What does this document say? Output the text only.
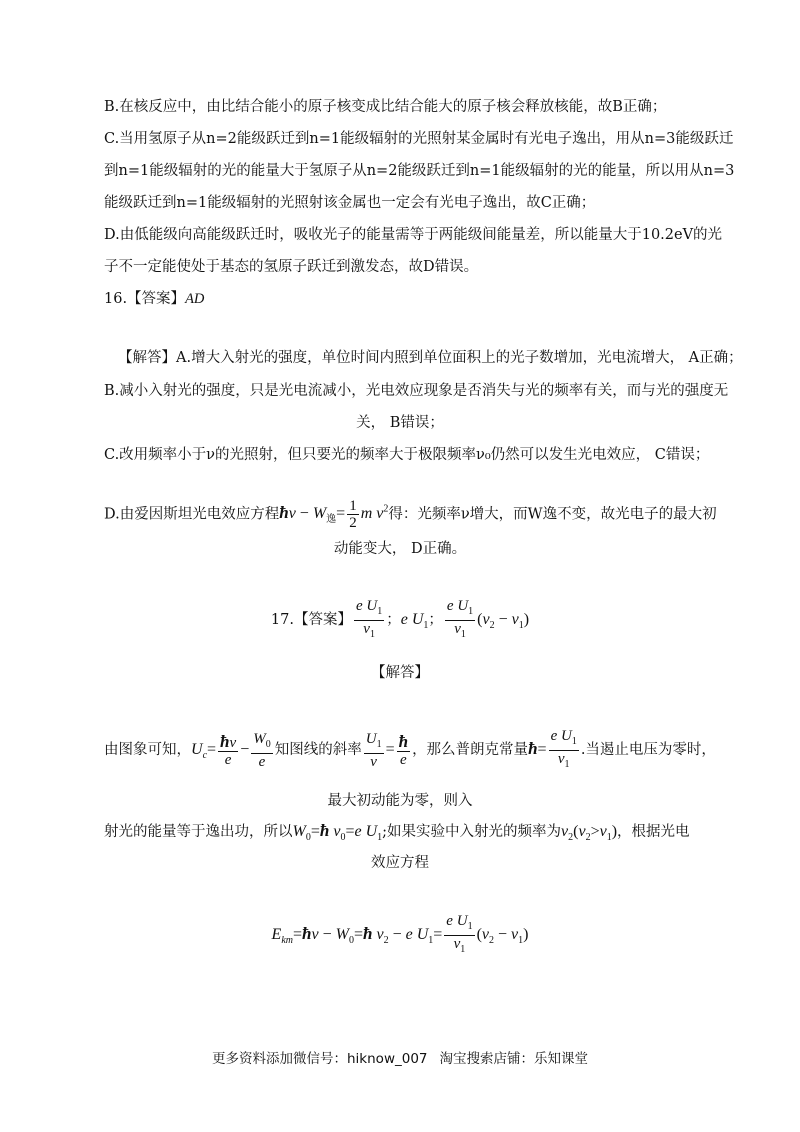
B.在核反应中，由比结合能小的原子核变成比结合能大的原子核会释放核能，故B正确；
C.当用氢原子从n=2能级跃迁到n=1能级辐射的光照射某金属时有光电子逸出，用从n=3能级跃迁
到n=1能级辐射的光的能量大于氢原子从n=2能级跃迁到n=1能级辐射的光的能量，所以用从n=3
能级跃迁到n=1能级辐射的光照射该金属也一定会有光电子逸出，故C正确；
D.由低能级向高能级跃迁时，吸收光子的能量需等于两能级间能量差，所以能量大于10.2eV的光
子不一定能使处于基态的氢原子跃迁到激发态，故D错误。
16.【答案】AD
【解答】A.增大入射光的强度，单位时间内照到单位面积上的光子数增加，光电流增大， A正确；
B.减小入射光的强度，只是光电流减小，光电效应现象是否消失与光的频率有关，而与光的强度无
关， B错误；
C.改用频率小于ν的光照射，但只要光的频率大于极限频率ν₀仍然可以发生光电效应， C错误；
D.由爱因斯坦光电效应方程ħν − $W_逸= \frac{1}{2}$ m $\nu^2$得：光频率ν增大，而W逸不变，故光电子的最大初
动能变大， D正确。
17.【答案】 $\frac{e U_1}{\nu_1}$ ；e $U_1$； $\frac{e U_1}{\nu_1} (\nu_2 - \nu_1)$
【解答】
由图象可知，$U_c= \frac{ħ\nu}{e} - \frac{W_0}{e}$ 知图线的斜率 $\frac{U_1}{\nu} = \frac{ħ}{e}$ ，那么普朗克常量ħ= $\frac{e U_1}{\nu_1}$ .当遏止电压为零时，
最大初动能为零，则入
射光的能量等于逸出功，所以$W_0=ħ$ $\nu_0=e$ $U_1$;如果实验中入射光的频率为$\nu_2(\nu_2>\nu_1)$，根据光电
效应方程
$E_{km}=ħ\nu$ − $W_0=ħ$ $\nu_2 - e$ $U_1= \frac{e U_1}{\nu_1} (\nu_2 - \nu_1)$
更多资料添加微信号：hiknow_007 淘宝搜索店铺：乐知课堂
